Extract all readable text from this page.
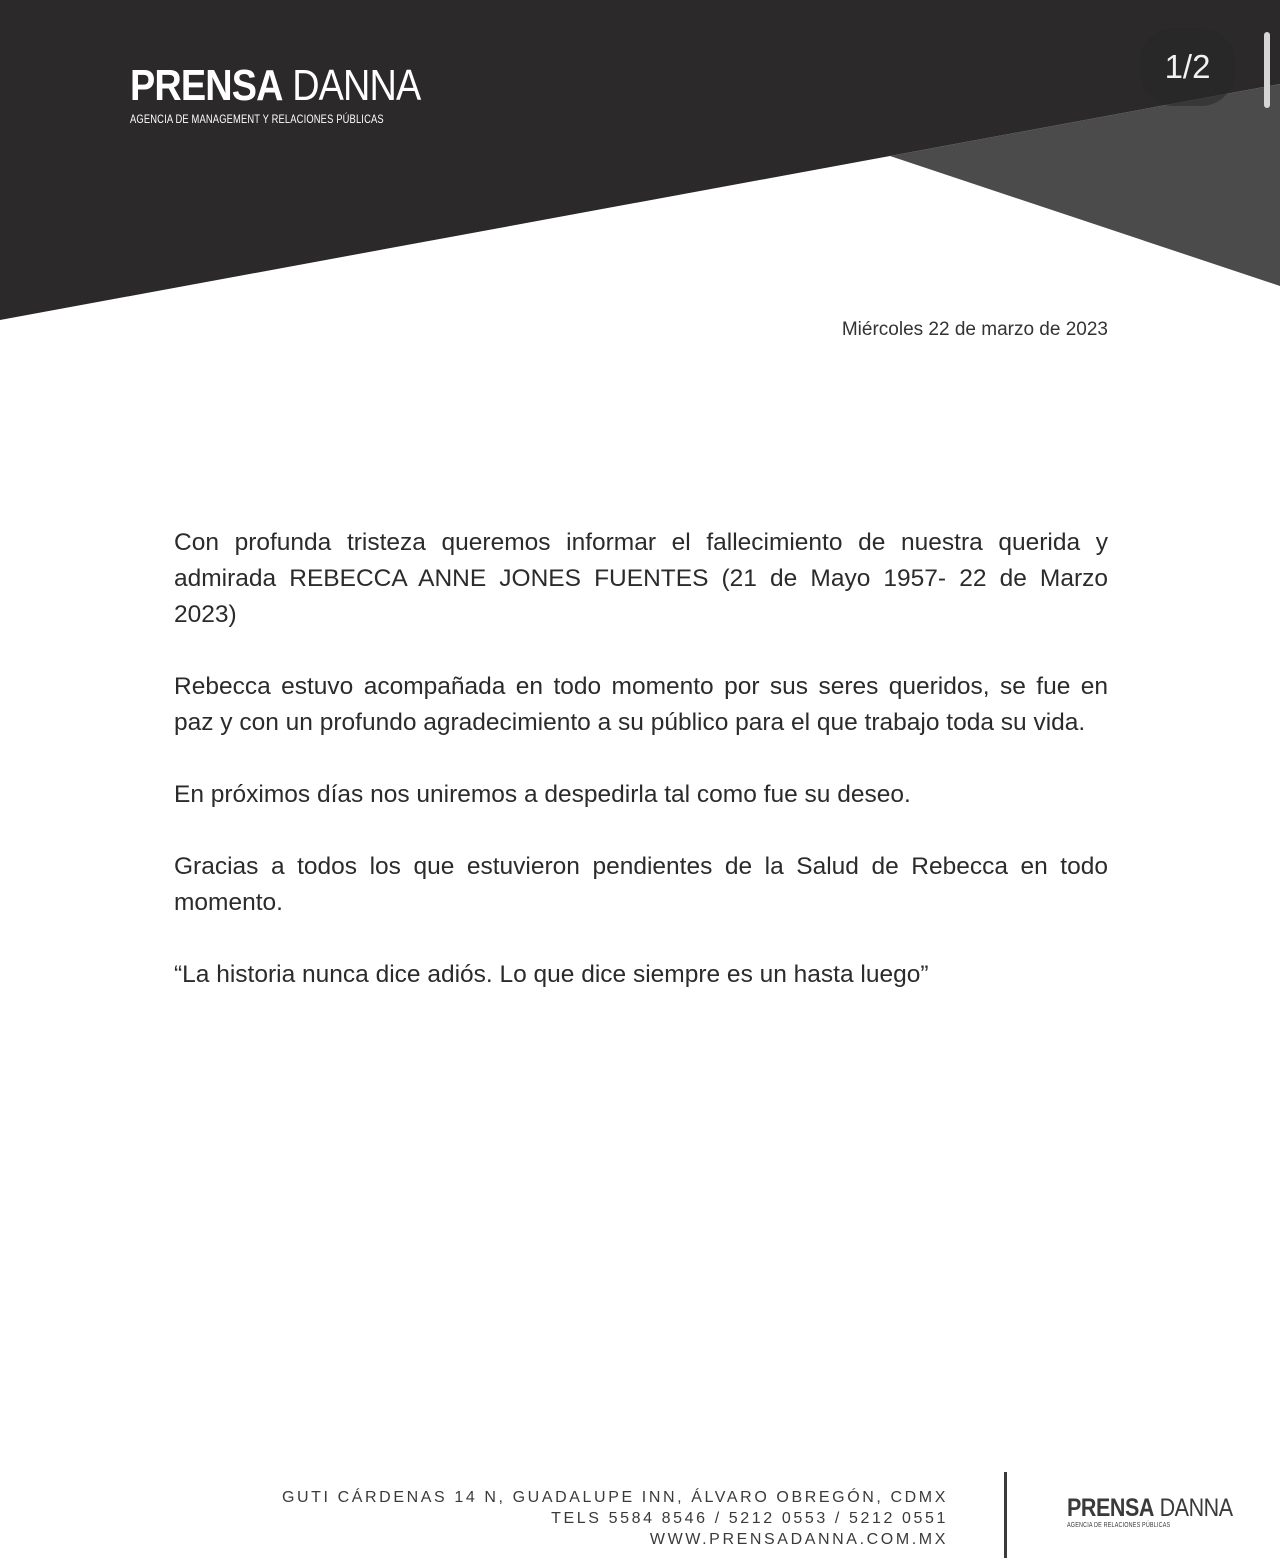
PRENSA DANNA
AGENCIA DE MANAGEMENT Y RELACIONES PÚBLICAS
1/2
Miércoles 22 de marzo de 2023

Con profunda tristeza queremos informar el fallecimiento de nuestra querida y admirada REBECCA ANNE JONES FUENTES (21 de Mayo 1957- 22 de Marzo 2023)

Rebecca estuvo acompañada en todo momento por sus seres queridos, se fue en paz y con un profundo agradecimiento a su público para el que trabajo toda su vida.

En próximos días nos uniremos a despedirla tal como fue su deseo.

Gracias a todos los que estuvieron pendientes de la Salud de Rebecca en todo momento.

“La historia nunca dice adiós. Lo que dice siempre es un hasta luego”

GUTI CÁRDENAS 14 N, GUADALUPE INN, ÁLVARO OBREGÓN, CDMX
TELS 5584 8546 / 5212 0553 / 5212 0551
WWW.PRENSADANNA.COM.MX
PRENSA DANNA
AGENCIA DE RELACIONES PÚBLICAS
